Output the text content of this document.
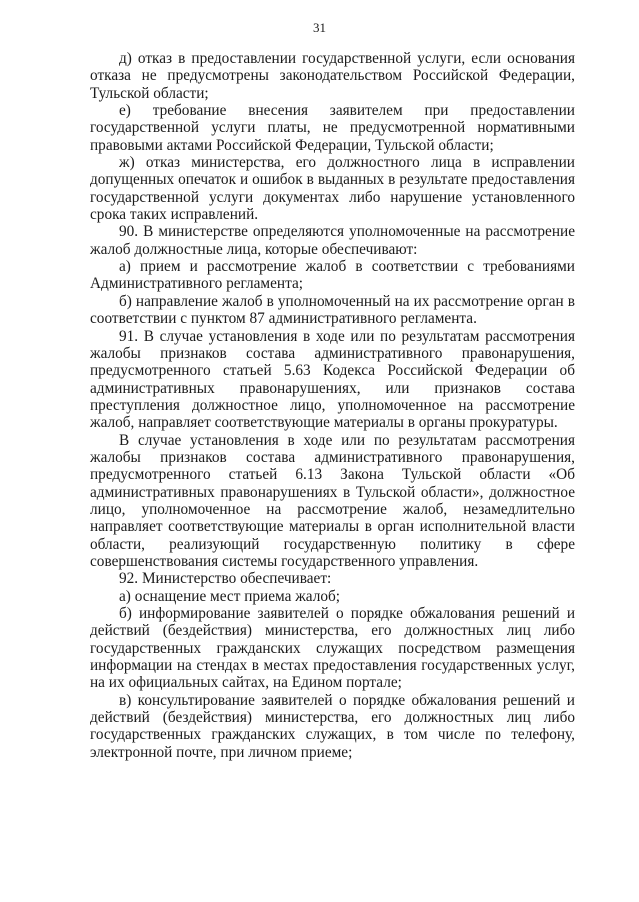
31

д) отказ в предоставлении государственной услуги, если основания отказа не предусмотрены законодательством Российской Федерации, Тульской области;

е) требование внесения заявителем при предоставлении государственной услуги платы, не предусмотренной нормативными правовыми актами Российской Федерации, Тульской области;

ж) отказ министерства, его должностного лица в исправлении допущенных опечаток и ошибок в выданных в результате предоставления государственной услуги документах либо нарушение установленного срока таких исправлений.

90. В министерстве определяются уполномоченные на рассмотрение жалоб должностные лица, которые обеспечивают:

а) прием и рассмотрение жалоб в соответствии с требованиями Административного регламента;

б) направление жалоб в уполномоченный на их рассмотрение орган в соответствии с пунктом 87 административного регламента.

91. В случае установления в ходе или по результатам рассмотрения жалобы признаков состава административного правонарушения, предусмотренного статьей 5.63 Кодекса Российской Федерации об административных правонарушениях, или признаков состава преступления должностное лицо, уполномоченное на рассмотрение жалоб, направляет соответствующие материалы в органы прокуратуры.

В случае установления в ходе или по результатам рассмотрения жалобы признаков состава административного правонарушения, предусмотренного статьей 6.13 Закона Тульской области «Об административных правонарушениях в Тульской области», должностное лицо, уполномоченное на рассмотрение жалоб, незамедлительно направляет соответствующие материалы в орган исполнительной власти области, реализующий государственную политику в сфере совершенствования системы государственного управления.

92. Министерство обеспечивает:

а) оснащение мест приема жалоб;

б) информирование заявителей о порядке обжалования решений и действий (бездействия) министерства, его должностных лиц либо государственных гражданских служащих посредством размещения информации на стендах в местах предоставления государственных услуг, на их официальных сайтах, на Едином портале;

в) консультирование заявителей о порядке обжалования решений и действий (бездействия) министерства, его должностных лиц либо государственных гражданских служащих, в том числе по телефону, электронной почте, при личном приеме;
